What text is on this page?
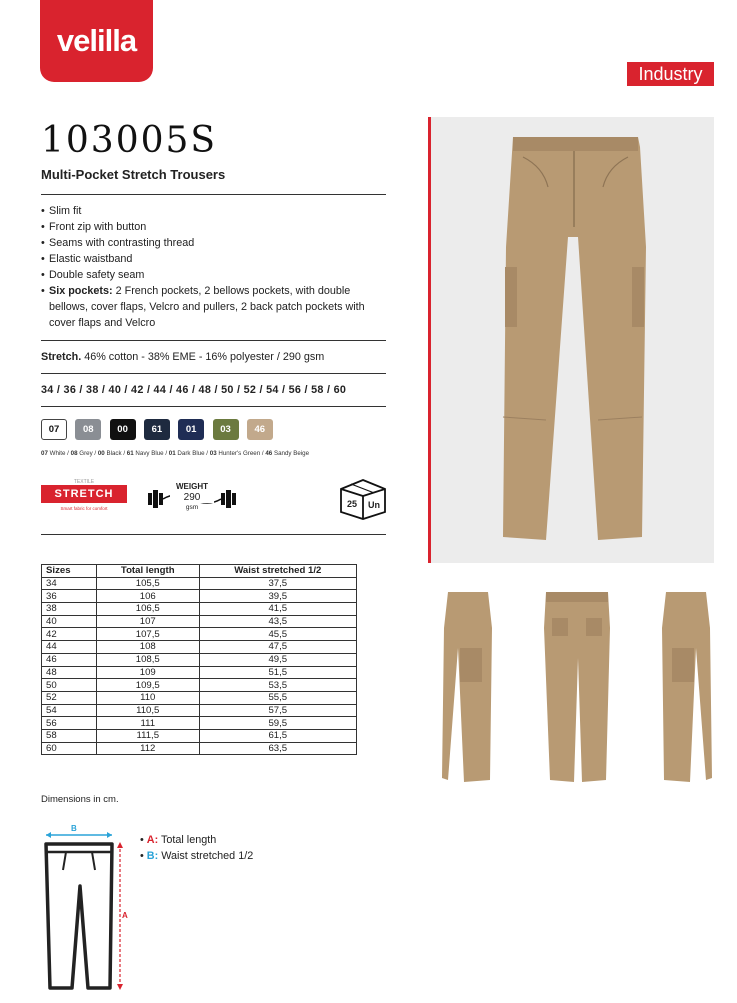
velilla
Industry
103005S
Multi-Pocket Stretch Trousers
• Slim fit
• Front zip with button
• Seams with contrasting thread
• Elastic waistband
• Double safety seam
• Six pockets: 2 French pockets, 2 bellows pockets, with double bellows, cover flaps, Velcro and pullers, 2 back patch pockets with cover flaps and Velcro
Stretch. 46% cotton - 38% EME - 16% polyester / 290 gsm
34 / 36 / 38 / 40 / 42 / 44 / 46 / 48 / 50 / 52 / 54 / 56 / 58 / 60
07	08	00	61	01	03	46
07 White / 08 Grey / 00 Black / 61 Navy Blue / 01 Dark Blue / 03 Hunter's Green / 46 Sandy Beige
TEXTILE
STRETCH
Smart fabric for comfort
WEIGHT
290
gsm	25	Un
Sizes	Total length	Waist stretched 1/2
34	105,5	37,5
36	106	39,5
38	106,5	41,5
40	107	43,5
42	107,5	45,5
44	108	47,5
46	108,5	49,5
48	109	51,5
50	109,5	53,5
52	110	55,5
54	110,5	57,5
56	111	59,5
58	111,5	61,5
60	112	63,5
Dimensions in cm.
B
A
• A: Total length
• B: Waist stretched 1/2
